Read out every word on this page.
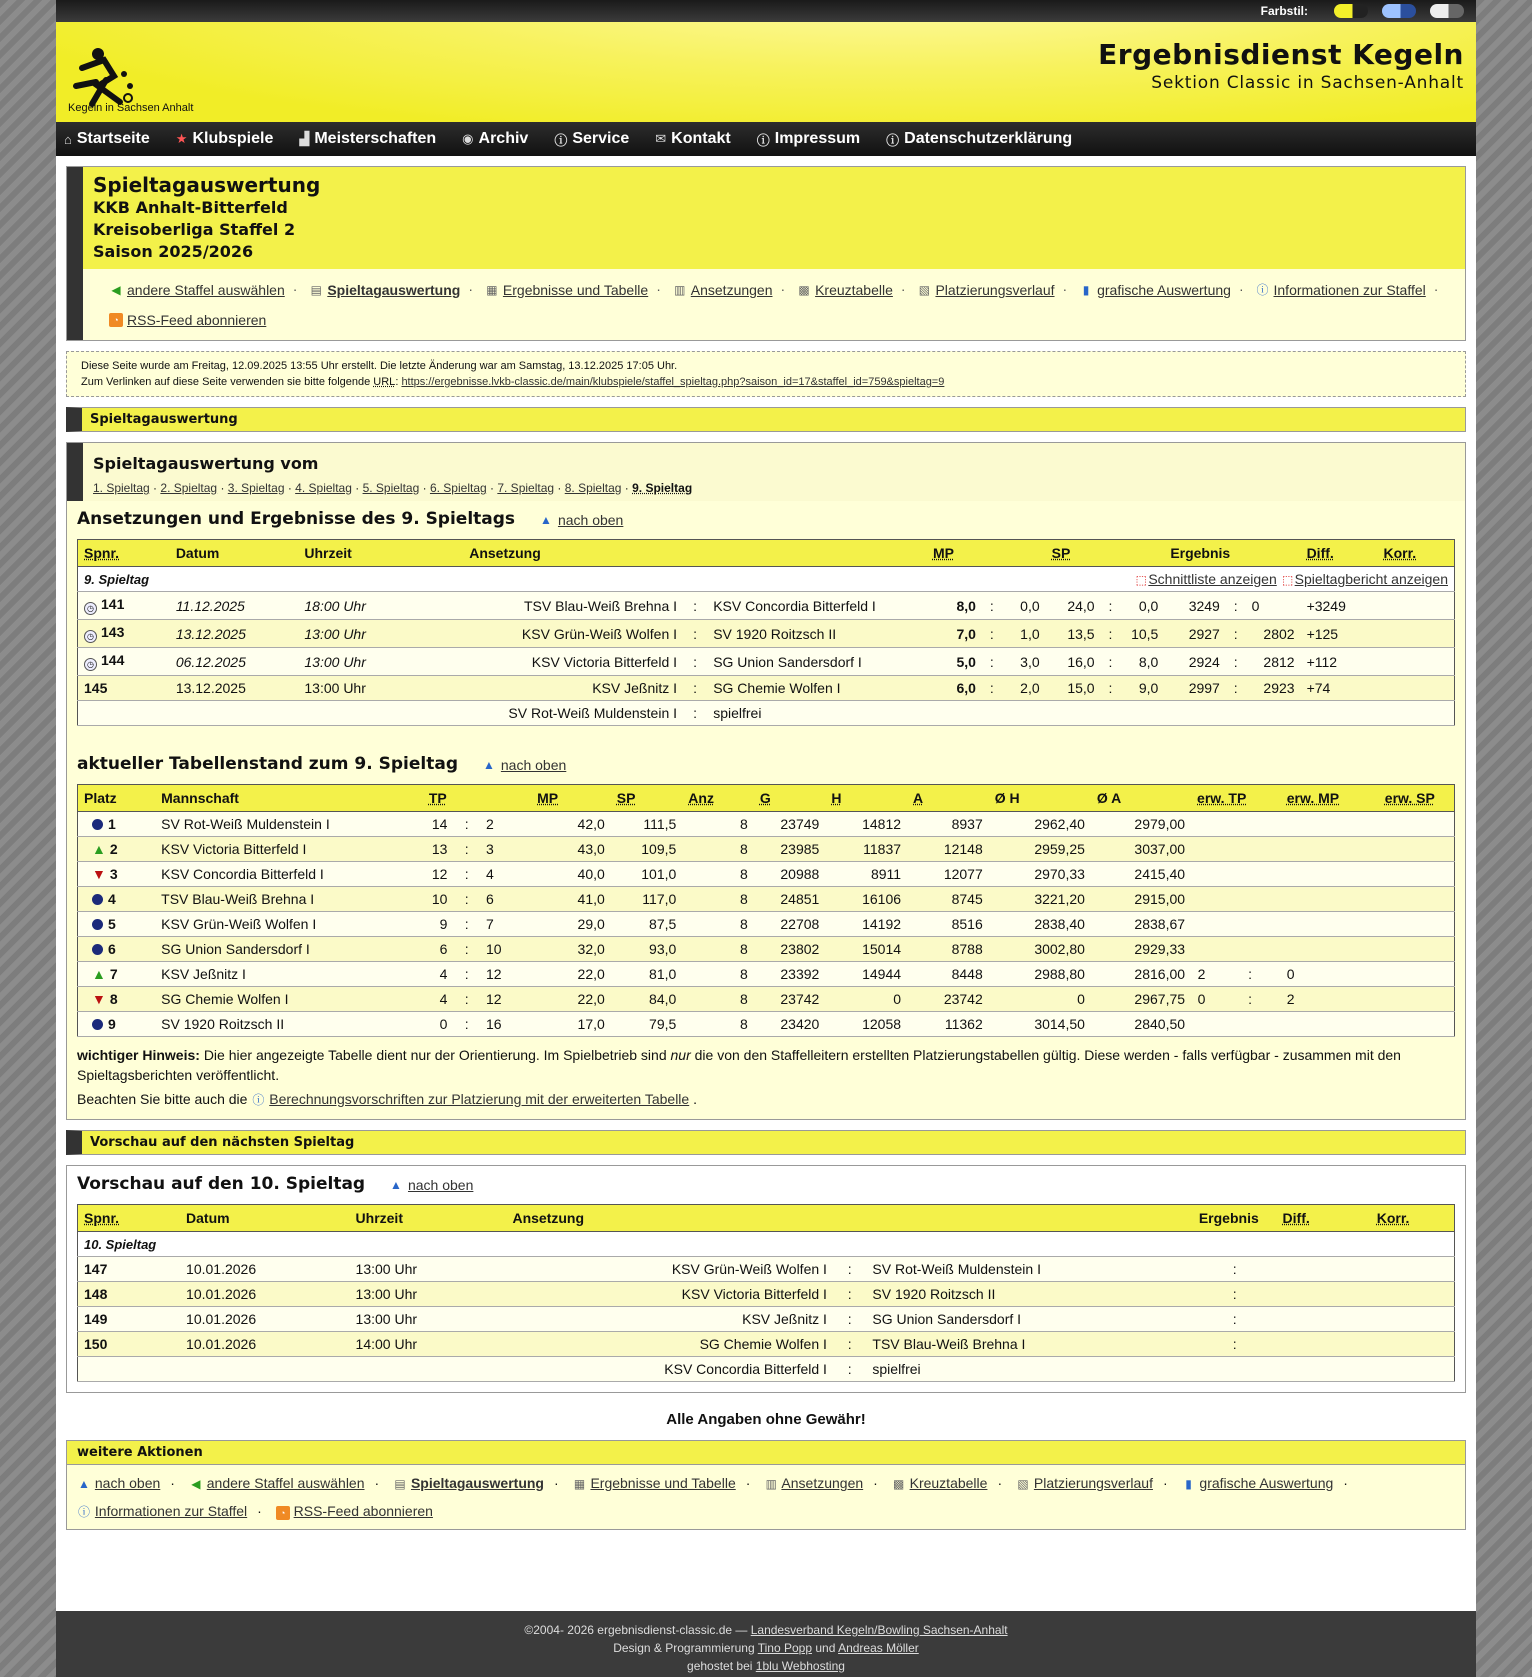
Farbstil:
Kegeln in Sachsen Anhalt
Ergebnisdienst Kegeln
Sektion Classic in Sachsen-Anhalt
⌂ Startseite ★ Klubspiele ▟ Meisterschaften ◉ Archiv ⓘ Service ✉ Kontakt ⓘ Impressum ⓘ Datenschutzerklärung
Spieltagauswertung
KKB Anhalt-Bitterfeld
Kreisoberliga Staffel 2
Saison 2025/2026
◀ andere Staffel auswählen · ▤ Spieltagauswertung · ▦ Ergebnisse und Tabelle · ▥ Ansetzungen · ▩ Kreuztabelle · ▧ Platzierungsverlauf ·	▮ grafische Auswertung · ⓘ Informationen zur Staffel ·

◔ RSS-Feed abonnieren
Diese Seite wurde am Freitag, 12.09.2025 13:55 Uhr erstellt. Die letzte Änderung war am Samstag, 13.12.2025 17:05 Uhr.
Zum Verlinken auf diese Seite verwenden sie bitte folgende URL: https://ergebnisse.lvkb-classic.de/main/klubspiele/staffel_spieltag.php?saison_id=17&staffel_id=759&spieltag=9
Spieltagauswertung
Spieltagauswertung vom
1. Spieltag · 2. Spieltag · 3. Spieltag · 4. Spieltag · 5. Spieltag · 6. Spieltag · 7. Spieltag · 8. Spieltag · 9. Spieltag
Ansetzungen und Ergebnisse des 9. Spieltags ▲ nach oben
Spnr.	Datum	Uhrzeit	Ansetzung			MP			SP			Ergebnis			Diff.	Korr.
9. Spieltag									⬚Schnittliste anzeigen ⬚Spieltagbericht anzeigen							
◷ 141	11.12.2025	18:00 Uhr	TSV Blau-Weiß Brehna I	:	KSV Concordia Bitterfeld I	8,0	:	0,0	24,0	:	0,0	3249	:	0	+3249	
◷ 143	13.12.2025	13:00 Uhr	KSV Grün-Weiß Wolfen I	:	SV 1920 Roitzsch II	7,0	:	1,0	13,5	:	10,5	2927	:	2802	+125	
◷ 144	06.12.2025	13:00 Uhr	KSV Victoria Bitterfeld I	:	SG Union Sandersdorf I	5,0	:	3,0	16,0	:	8,0	2924	:	2812	+112	
145	13.12.2025	13:00 Uhr	KSV Jeßnitz I	:	SG Chemie Wolfen I	6,0	:	2,0	15,0	:	9,0	2997	:	2923	+74	
			SV Rot-Weiß Muldenstein I	:	spielfrei											
aktueller Tabellenstand zum 9. Spieltag ▲ nach oben
Platz	Mannschaft	TP			MP	SP	Anz	G	H	A	Ø H	Ø A	erw. TP		erw. MP	erw. SP
1	SV Rot-Weiß Muldenstein I	14	:	2	42,0	111,5	8	23749	14812	8937	2962,40	2979,00				
▲ 2	KSV Victoria Bitterfeld I	13	:	3	43,0	109,5	8	23985	11837	12148	2959,25	3037,00				
▼ 3	KSV Concordia Bitterfeld I	12	:	4	40,0	101,0	8	20988	8911	12077	2970,33	2415,40				
4	TSV Blau-Weiß Brehna I	10	:	6	41,0	117,0	8	24851	16106	8745	3221,20	2915,00				
5	KSV Grün-Weiß Wolfen I	9	:	7	29,0	87,5	8	22708	14192	8516	2838,40	2838,67				
6	SG Union Sandersdorf I	6	:	10	32,0	93,0	8	23802	15014	8788	3002,80	2929,33				
▲ 7	KSV Jeßnitz I	4	:	12	22,0	81,0	8	23392	14944	8448	2988,80	2816,00	2	:	0	
▼ 8	SG Chemie Wolfen I	4	:	12	22,0	84,0	8	23742	0	23742	0	2967,75	0	:	2	
9	SV 1920 Roitzsch II	0	:	16	17,0	79,5	8	23420	12058	11362	3014,50	2840,50				
wichtiger Hinweis: Die hier angezeigte Tabelle dient nur der Orientierung. Im Spielbetrieb sind nur die von den Staffelleitern erstellten Platzierungstabellen gültig. Diese werden - falls verfügbar - zusammen mit den Spieltagsberichten veröffentlicht.
Beachten Sie bitte auch die ⓘ Berechnungsvorschriften zur Platzierung mit der erweiterten Tabelle .
Vorschau auf den nächsten Spieltag
Vorschau auf den 10. Spieltag ▲ nach oben
Spnr.	Datum	Uhrzeit	Ansetzung			Ergebnis	Diff.	Korr.
10. Spieltag								
147	10.01.2026	13:00 Uhr	KSV Grün-Weiß Wolfen I	:	SV Rot-Weiß Muldenstein I	:		
148	10.01.2026	13:00 Uhr	KSV Victoria Bitterfeld I	:	SV 1920 Roitzsch II	:		
149	10.01.2026	13:00 Uhr	KSV Jeßnitz I	:	SG Union Sandersdorf I	:		
150	10.01.2026	14:00 Uhr	SG Chemie Wolfen I	:	TSV Blau-Weiß Brehna I	:		
			KSV Concordia Bitterfeld I	:	spielfrei			
Alle Angaben ohne Gewähr!
weitere Aktionen
▲ nach oben · ◀ andere Staffel auswählen · ▤ Spieltagauswertung · ▦ Ergebnisse und Tabelle · ▥ Ansetzungen · ▩ Kreuztabelle · ▧ Platzierungsverlauf · ▮ grafische Auswertung ·
ⓘ Informationen zur Staffel · ◔ RSS-Feed abonnieren
©2004- 2026 ergebnisdienst-classic.de — Landesverband Kegeln/Bowling Sachsen-Anhalt
Design & Programmierung Tino Popp und Andreas Möller
gehostet bei 1blu Webhosting
